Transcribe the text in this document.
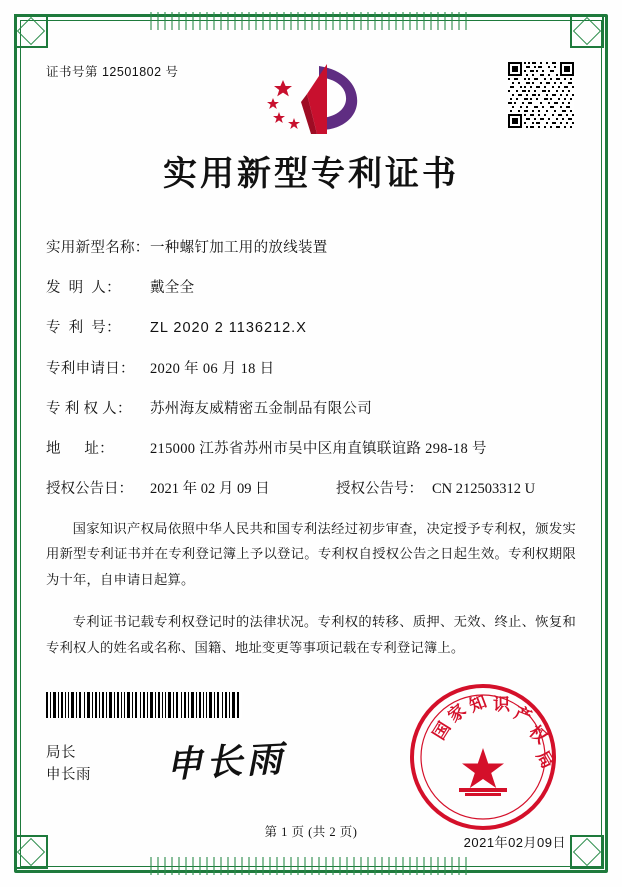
证书号第 12501802 号
实用新型专利证书
实用新型名称： 一种螺钉加工用的放线装置
发  明  人：	戴全全
专  利  号：	ZL 2020 2 1136212.X
专利申请日：	2020 年 06 月 18 日
专 利 权 人：	苏州海友威精密五金制品有限公司
地      址：	215000 江苏省苏州市吴中区甪直镇联谊路 298-18 号
授权公告日：	2021 年 02 月 09 日	授权公告号： CN 212503312 U
国家知识产权局依照中华人民共和国专利法经过初步审查，决定授予专利权，颁发实用新型专利证书并在专利登记簿上予以登记。专利权自授权公告之日起生效。专利权期限为十年，自申请日起算。
专利证书记载专利权登记时的法律状况。专利权的转移、质押、无效、终止、恢复和专利权人的姓名或名称、国籍、地址变更等事项记载在专利登记簿上。
局长
申长雨	申长雨
国
家
知 识 产
权
局
2021年02月09日
第 1 页 (共 2 页)
